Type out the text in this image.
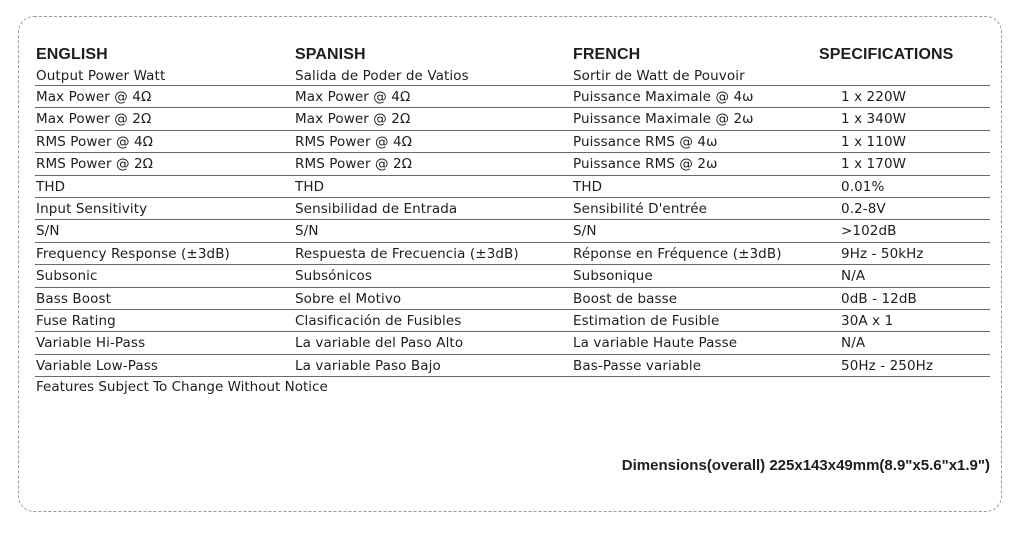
ENGLISH	SPANISH	FRENCH	SPECIFICATIONS
Output Power Watt	Salida de Poder de Vatios	Sortir de Watt de Pouvoir
Max Power @ 4Ω	Max Power @ 4Ω	Puissance Maximale @ 4ω	1 x 220W
Max Power @ 2Ω	Max Power @ 2Ω	Puissance Maximale @ 2ω	1 x 340W
RMS Power @ 4Ω	RMS Power @ 4Ω	Puissance RMS @ 4ω	1 x 110W
RMS Power @ 2Ω	RMS Power @ 2Ω	Puissance RMS @ 2ω	1 x 170W
THD	THD	THD	0.01%
Input Sensitivity	Sensibilidad de Entrada	Sensibilité D'entrée	0.2-8V
S/N	S/N	S/N	>102dB
Frequency Response (±3dB)	Respuesta de Frecuencia (±3dB)	Réponse en Fréquence (±3dB)	9Hz - 50kHz
Subsonic	Subsónicos	Subsonique	N/A
Bass Boost	Sobre el Motivo	Boost de basse	0dB - 12dB
Fuse Rating	Clasificación de Fusibles	Estimation de Fusible	30A x 1
Variable Hi-Pass	La variable del Paso Alto	La variable Haute Passe	N/A
Variable Low-Pass	La variable Paso Bajo	Bas-Passe variable	50Hz - 250Hz
Features Subject To Change Without Notice
Dimensions(overall) 225x143x49mm(8.9"x5.6"x1.9")
